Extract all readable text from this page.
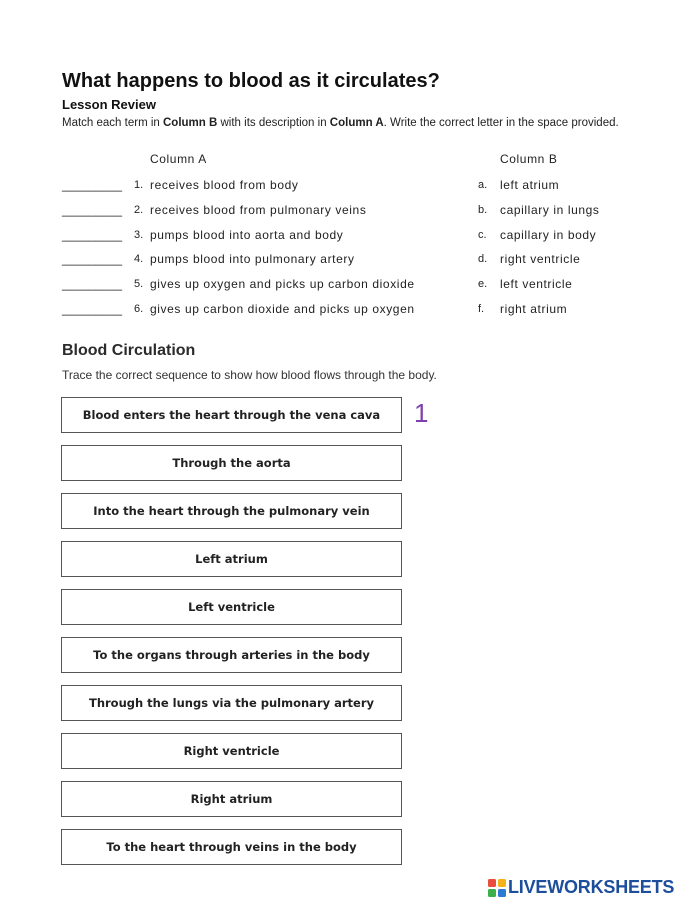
What happens to blood as it circulates?
Lesson Review
Match each term in Column B with its description in Column A. Write the correct letter in the space provided.
Column A	Column B
_________ 1. receives blood from body	a. left atrium
_________ 2. receives blood from pulmonary veins	b. capillary in lungs
_________ 3. pumps blood into aorta and body	c. capillary in body
_________ 4. pumps blood into pulmonary artery	d. right ventricle
_________ 5. gives up oxygen and picks up carbon dioxide	e. left ventricle
_________ 6. gives up carbon dioxide and picks up oxygen	f. right atrium
Blood Circulation
Trace the correct sequence to show how blood flows through the body.
Blood enters the heart through the vena cava
Through the aorta
Into the heart through the pulmonary vein
Left atrium
Left ventricle
To the organs through arteries in the body
Through the lungs via the pulmonary artery
Right ventricle
Right atrium
To the heart through veins in the body
1
LIVEWORKSHEETS
